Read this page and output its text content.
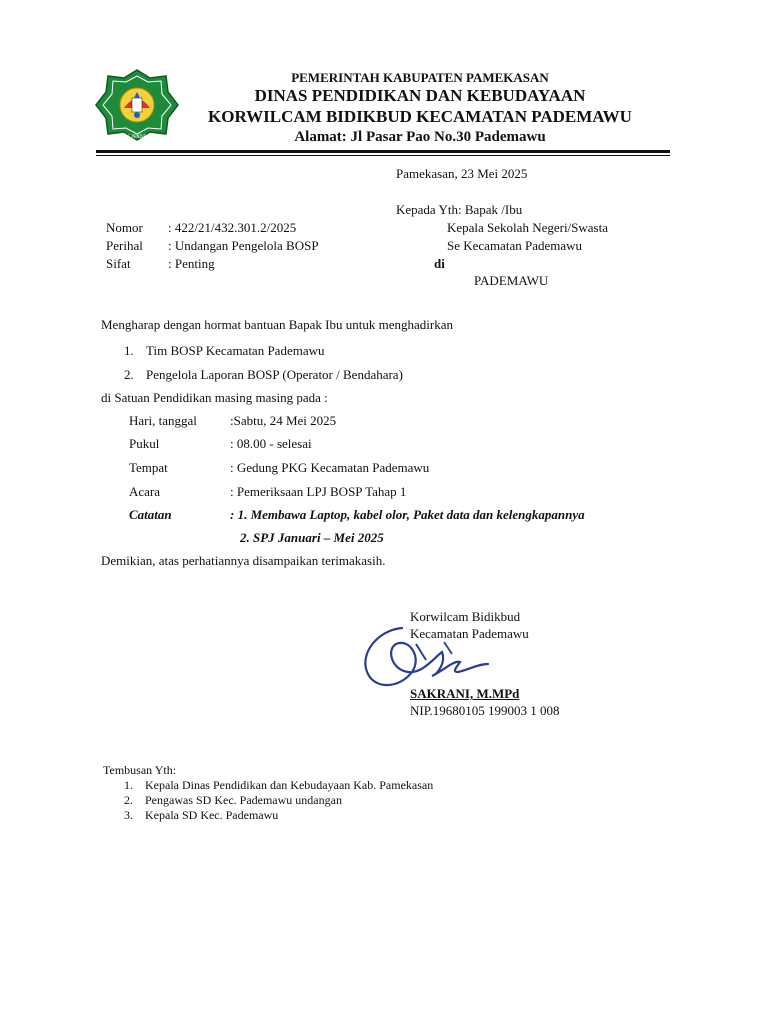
DINAS PENDIDIKAN
PEMERINTAH KABUPATEN PAMEKASAN
DINAS PENDIDIKAN DAN KEBUDAYAAN
KORWILCAM BIDIKBUD KECAMATAN PADEMAWU
Alamat: Jl Pasar Pao No.30 Pademawu
Pamekasan, 23 Mei 2025
Kepada Yth: Bapak /Ibu
Kepala Sekolah Negeri/Swasta
Se Kecamatan Pademawu
di
PADEMAWU
Nomor : 422/21/432.301.2/2025
Perihal : Undangan Pengelola BOSP
Sifat	: Penting
Mengharap dengan hormat bantuan Bapak Ibu untuk menghadirkan
1. Tim BOSP Kecamatan Pademawu
2. Pengelola Laporan BOSP (Operator / Bendahara)
di Satuan Pendidikan masing masing pada :
Hari, tanggal	:Sabtu, 24 Mei 2025
Pukul	: 08.00 - selesai
Tempat	: Gedung PKG Kecamatan Pademawu
Acara	: Pemeriksaan LPJ BOSP Tahap 1
Catatan	: 1. Membawa Laptop, kabel olor, Paket data dan kelengkapannya
2. SPJ Januari – Mei 2025
Demikian, atas perhatiannya disampaikan terimakasih.
Korwilcam Bidikbud
Kecamatan Pademawu
SAKRANI, M.MPd
NIP.19680105 199003 1 008
Tembusan Yth:
1. Kepala Dinas Pendidikan dan Kebudayaan Kab. Pamekasan
2. Pengawas SD Kec. Pademawu undangan
3. Kepala SD Kec. Pademawu
